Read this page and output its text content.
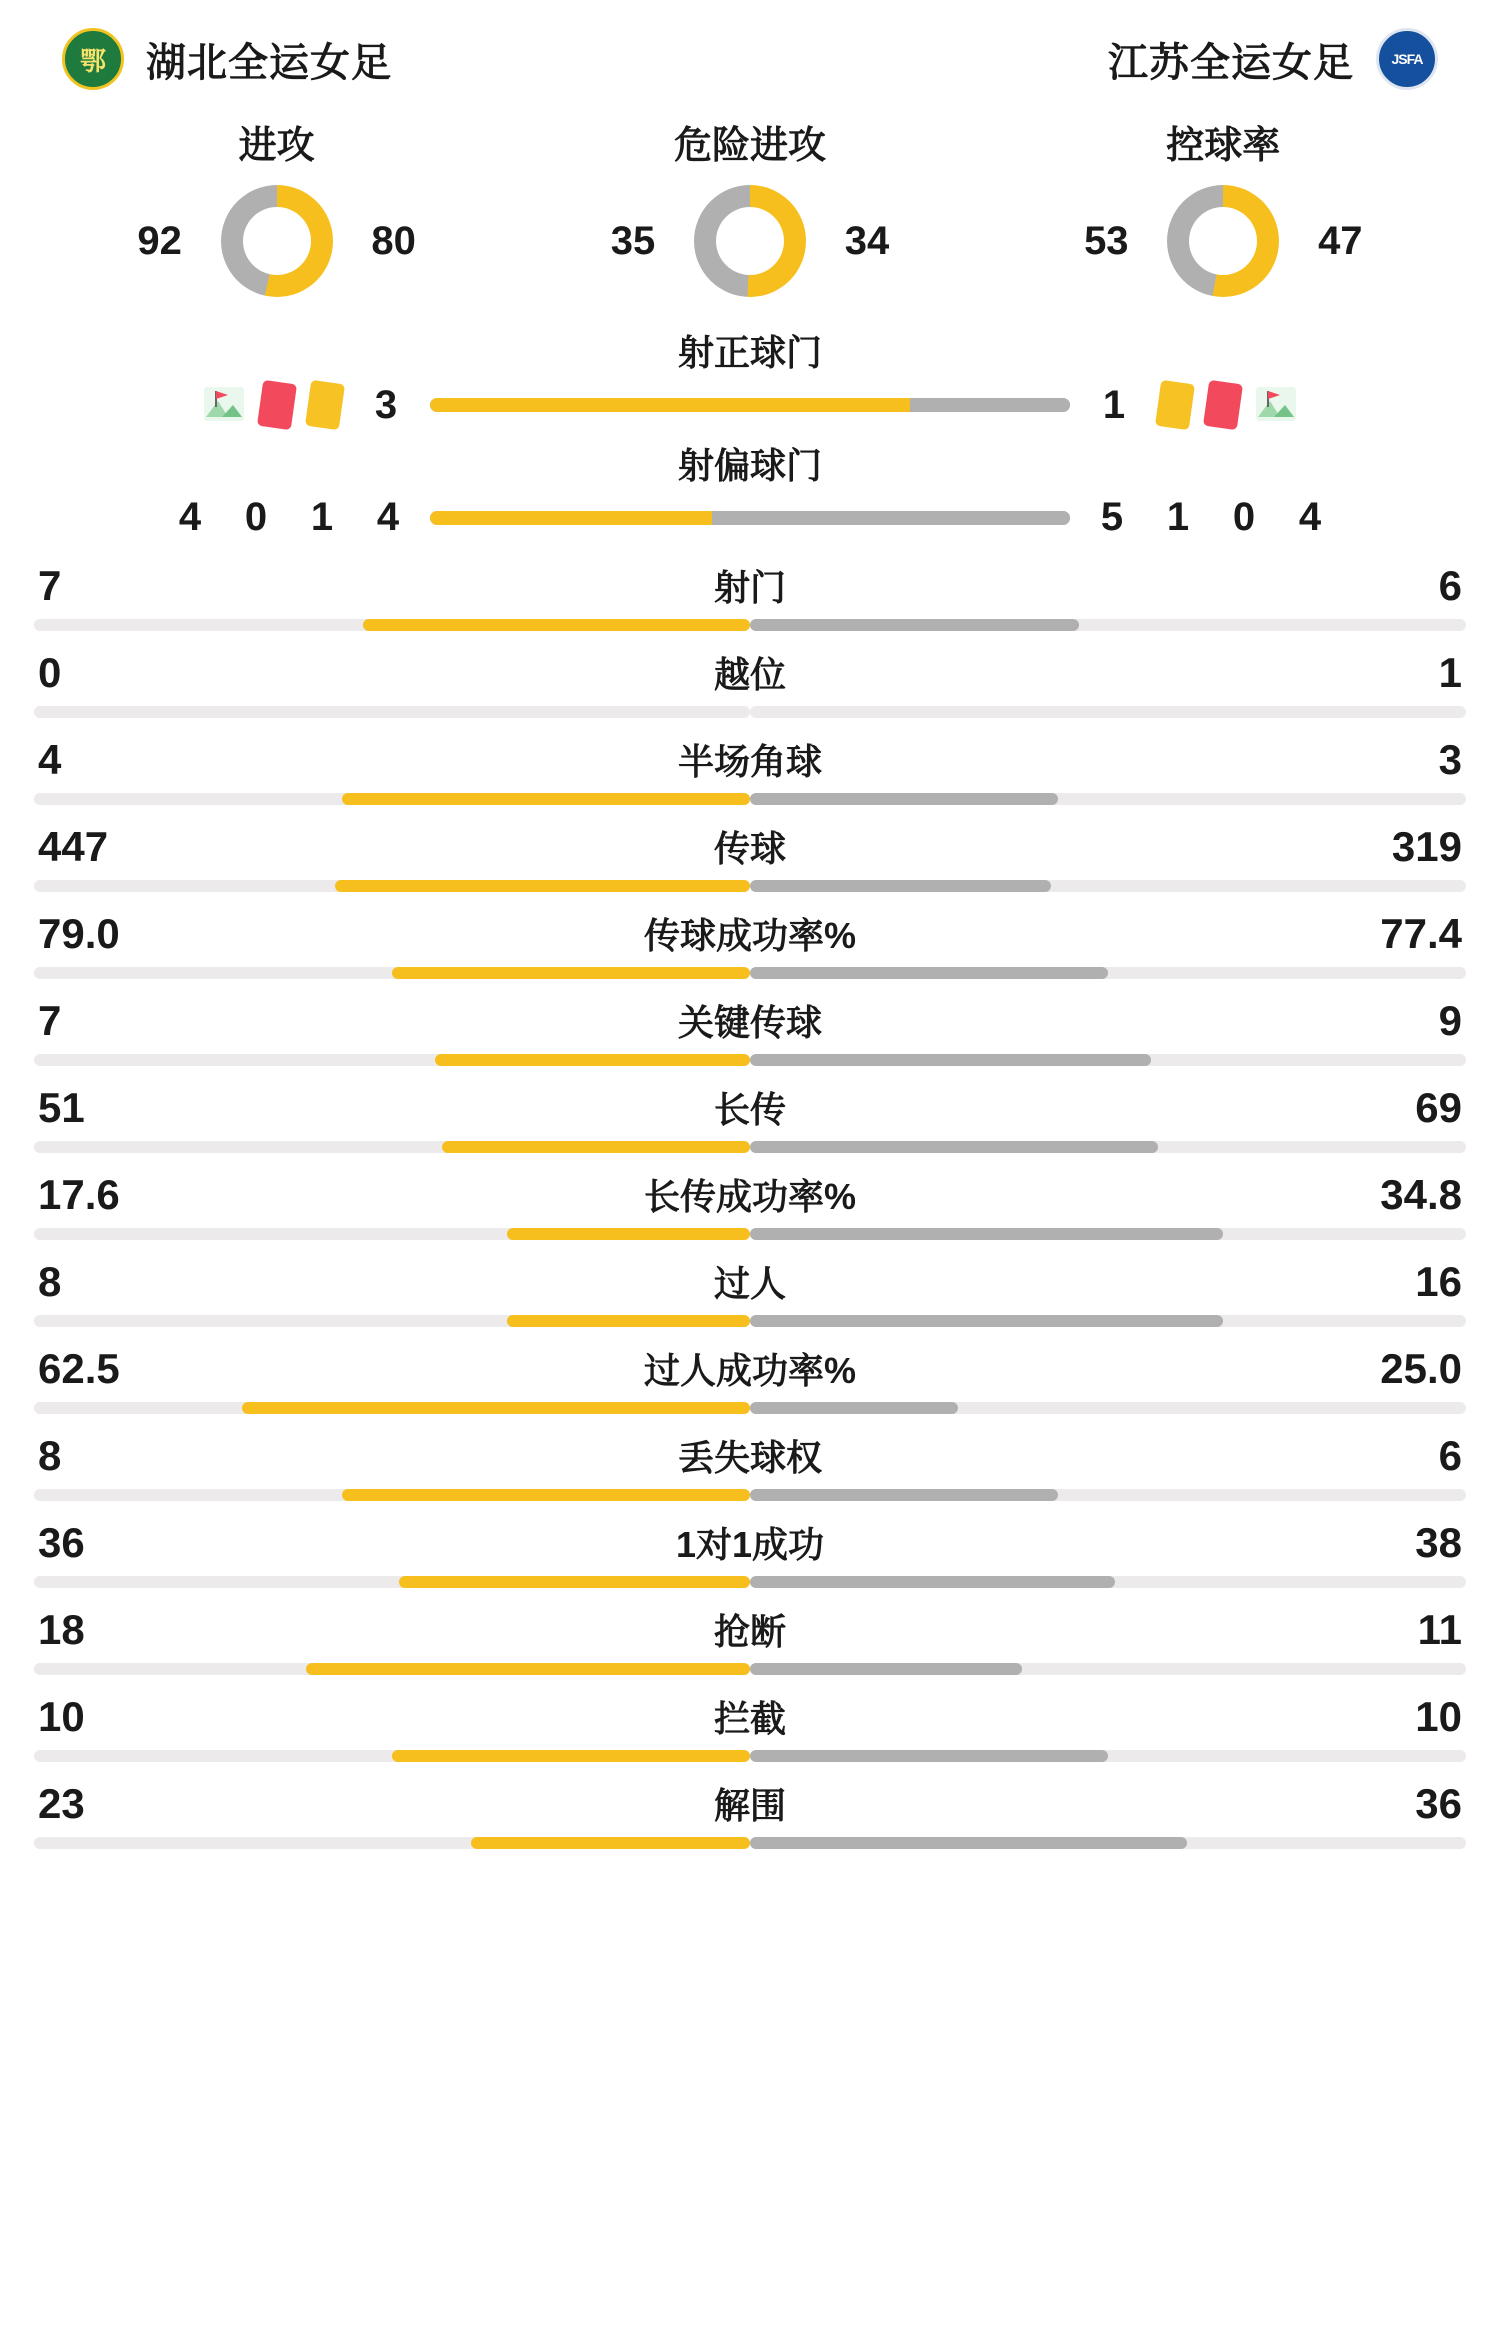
鄂 湖北全运女足	江苏全运女足	JSFA
进攻
92	80
危险进攻
35	34
控球率
53	47
射正球门
3	1
射偏球门
4	0	1	4	5	1	0	4
7	射门	6
0	越位	1
4	半场角球	3
447	传球	319
79.0	传球成功率%	77.4
7	关键传球	9
51	长传	69
17.6	长传成功率%	34.8
8	过人	16
62.5	过人成功率%	25.0
8	丢失球权	6
36	1对1成功	38
18	抢断	11
10	拦截	10
23	解围	36
